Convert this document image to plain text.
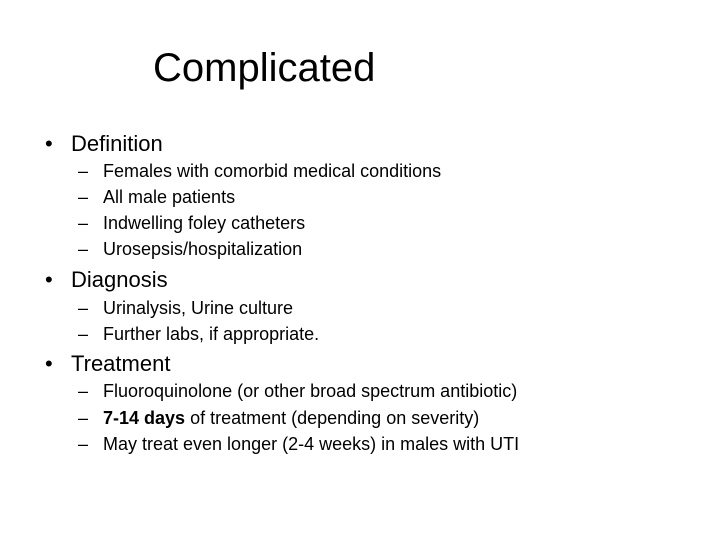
Complicated
• Definition
– Females with comorbid medical conditions
– All male patients
– Indwelling foley catheters
– Urosepsis/hospitalization
• Diagnosis
– Urinalysis, Urine culture
– Further labs, if appropriate.
• Treatment
– Fluoroquinolone (or other broad spectrum antibiotic)
– 7-14 days of treatment (depending on severity)
– May treat even longer (2-4 weeks) in males with UTI
